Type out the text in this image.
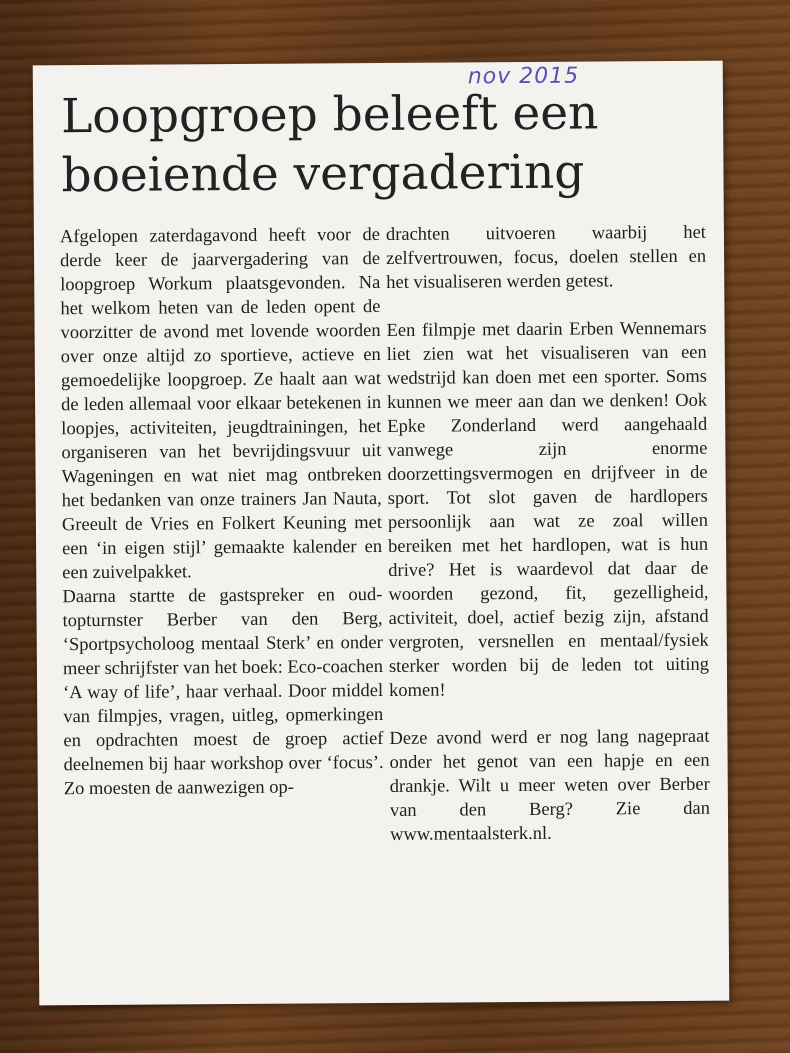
nov 2015
Loopgroep beleeft een
boeiende vergadering

Afgelopen zaterdagavond heeft voor de derde keer de jaarvergadering van de loopgroep Workum plaatsgevonden. Na het welkom heten van de leden opent de voorzitter de avond met lovende woorden over onze altijd zo sportieve, actieve en gemoedelijke loopgroep. Ze haalt aan wat de leden allemaal voor elkaar betekenen in loopjes, activiteiten, jeugdtrainingen, het organiseren van het bevrijdingsvuur uit Wageningen en wat niet mag ontbreken het bedanken van onze trainers Jan Nauta, Greeult de Vries en Folkert Keuning met een ‘in eigen stijl’ gemaakte kalender en een zuivelpakket.

Daarna startte de gastspreker en oud-topturnster Berber van den Berg, ‘Sportpsycholoog mentaal Sterk’ en onder meer schrijfster van het boek: Eco-coachen ‘A way of life’, haar verhaal. Door middel van filmpjes, vragen, uitleg, opmerkingen en opdrachten moest de groep actief deelnemen bij haar workshop over ‘focus’. Zo moesten de aanwezigen op-

drachten uitvoeren waarbij het zelfvertrouwen, focus, doelen stellen en het visualiseren werden getest.

Een filmpje met daarin Erben Wennemars liet zien wat het visualiseren van een wedstrijd kan doen met een sporter. Soms kunnen we meer aan dan we denken! Ook Epke Zonderland werd aangehaald vanwege zijn enorme doorzettingsvermogen en drijfveer in de sport. Tot slot gaven de hardlopers persoonlijk aan wat ze zoal willen bereiken met het hardlopen, wat is hun drive? Het is waardevol dat daar de woorden gezond, fit, gezelligheid, activiteit, doel, actief bezig zijn, afstand vergroten, versnellen en mentaal/fysiek sterker worden bij de leden tot uiting komen!

Deze avond werd er nog lang nagepraat onder het genot van een hapje en een drankje. Wilt u meer weten over Berber van den Berg? Zie dan www.mentaalsterk.nl.
